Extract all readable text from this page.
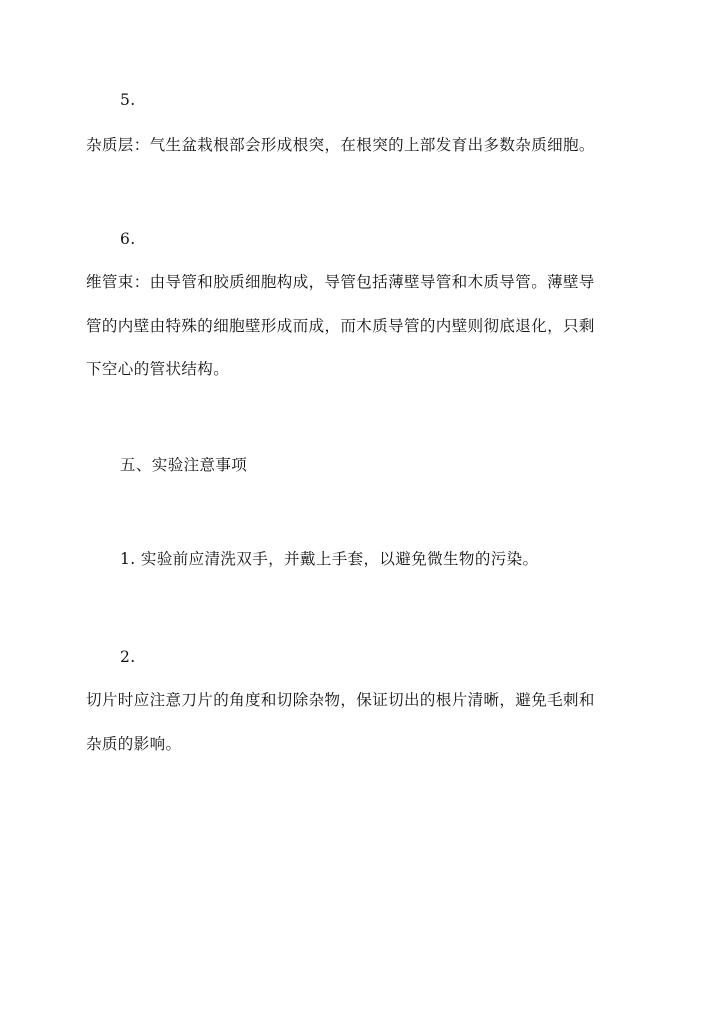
5.
杂质层：气生盆栽根部会形成根突，在根突的上部发育出多数杂质细胞。
6.
维管束：由导管和胶质细胞构成，导管包括薄壁导管和木质导管。薄壁导
管的内壁由特殊的细胞壁形成而成，而木质导管的内壁则彻底退化，只剩
下空心的管状结构。
五、实验注意事项
1. 实验前应清洗双手，并戴上手套，以避免微生物的污染。
2.
切片时应注意刀片的角度和切除杂物，保证切出的根片清晰，避免毛刺和
杂质的影响。
